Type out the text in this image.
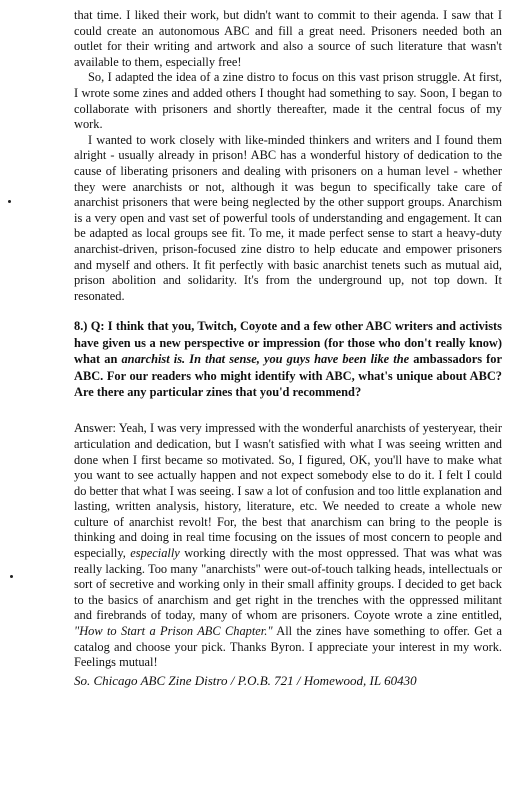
that time. I liked their work, but didn't want to commit to their agenda. I saw that I could create an autonomous ABC and fill a great need. Prisoners needed both an outlet for their writing and artwork and also a source of such literature that wasn't available to them, especially free!

So, I adapted the idea of a zine distro to focus on this vast prison struggle. At first, I wrote some zines and added others I thought had something to say. Soon, I began to collaborate with prisoners and shortly thereafter, made it the central focus of my work.

I wanted to work closely with like-minded thinkers and writers and I found them alright - usually already in prison! ABC has a wonderful history of dedication to the cause of liberating prisoners and dealing with prisoners on a human level - whether they were anarchists or not, although it was begun to specifically take care of anarchist prisoners that were being neglected by the other support groups. Anarchism is a very open and vast set of powerful tools of understanding and engagement. It can be adapted as local groups see fit. To me, it made perfect sense to start a heavy-duty anarchist-driven, prison-focused zine distro to help educate and empower prisoners and myself and others. It fit perfectly with basic anarchist tenets such as mutual aid, prison abolition and solidarity. It's from the underground up, not top down. It resonated.

8.) Q: I think that you, Twitch, Coyote and a few other ABC writers and activists have given us a new perspective or impression (for those who don't really know) what an anarchist is. In that sense, you guys have been like the ambassadors for ABC. For our readers who might identify with ABC, what's unique about ABC? Are there any particular zines that you'd recommend?

Answer: Yeah, I was very impressed with the wonderful anarchists of yesteryear, their articulation and dedication, but I wasn't satisfied with what I was seeing written and done when I first became so motivated. So, I figured, OK, you'll have to make what you want to see actually happen and not expect somebody else to do it. I felt I could do better that what I was seeing. I saw a lot of confusion and too little explanation and lasting, written analysis, history, literature, etc. We needed to create a whole new culture of anarchist revolt! For, the best that anarchism can bring to the people is thinking and doing in real time focusing on the issues of most concern to people and especially, especially working directly with the most oppressed. That was what was really lacking. Too many "anarchists" were out-of-touch talking heads, intellectuals or sort of secretive and working only in their small affinity groups. I decided to get back to the basics of anarchism and get right in the trenches with the oppressed militant and firebrands of today, many of whom are prisoners. Coyote wrote a zine entitled, "How to Start a Prison ABC Chapter." All the zines have something to offer. Get a catalog and choose your pick. Thanks Byron. I appreciate your interest in my work. Feelings mutual!

So. Chicago ABC Zine Distro / P.O.B. 721 / Homewood, IL 60430
